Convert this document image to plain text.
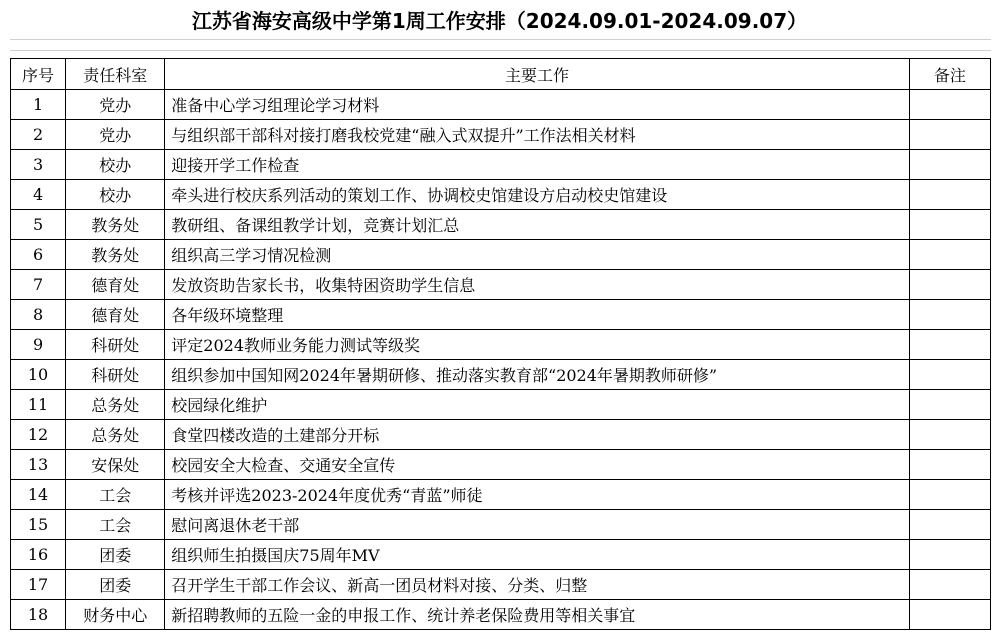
江苏省海安高级中学第1周工作安排（2024.09.01-2024.09.07）
序号	责任科室	主要工作	备注
1	党办	准备中心学习组理论学习材料	
2	党办	与组织部干部科对接打磨我校党建“融入式双提升”工作法相关材料	
3	校办	迎接开学工作检查	
4	校办	牵头进行校庆系列活动的策划工作、协调校史馆建设方启动校史馆建设	
5	教务处	教研组、备课组教学计划，竞赛计划汇总	
6	教务处	组织高三学习情况检测	
7	德育处	发放资助告家长书，收集特困资助学生信息	
8	德育处	各年级环境整理	
9	科研处	评定2024教师业务能力测试等级奖	
10	科研处	组织参加中国知网2024年暑期研修、推动落实教育部“2024年暑期教师研修”	
11	总务处	校园绿化维护	
12	总务处	食堂四楼改造的土建部分开标	
13	安保处	校园安全大检查、交通安全宣传	
14	工会	考核并评选2023-2024年度优秀“青蓝”师徒	
15	工会	慰问离退休老干部	
16	团委	组织师生拍摄国庆75周年MV	
17	团委	召开学生干部工作会议、新高一团员材料对接、分类、归整	
18	财务中心	新招聘教师的五险一金的申报工作、统计养老保险费用等相关事宜	
